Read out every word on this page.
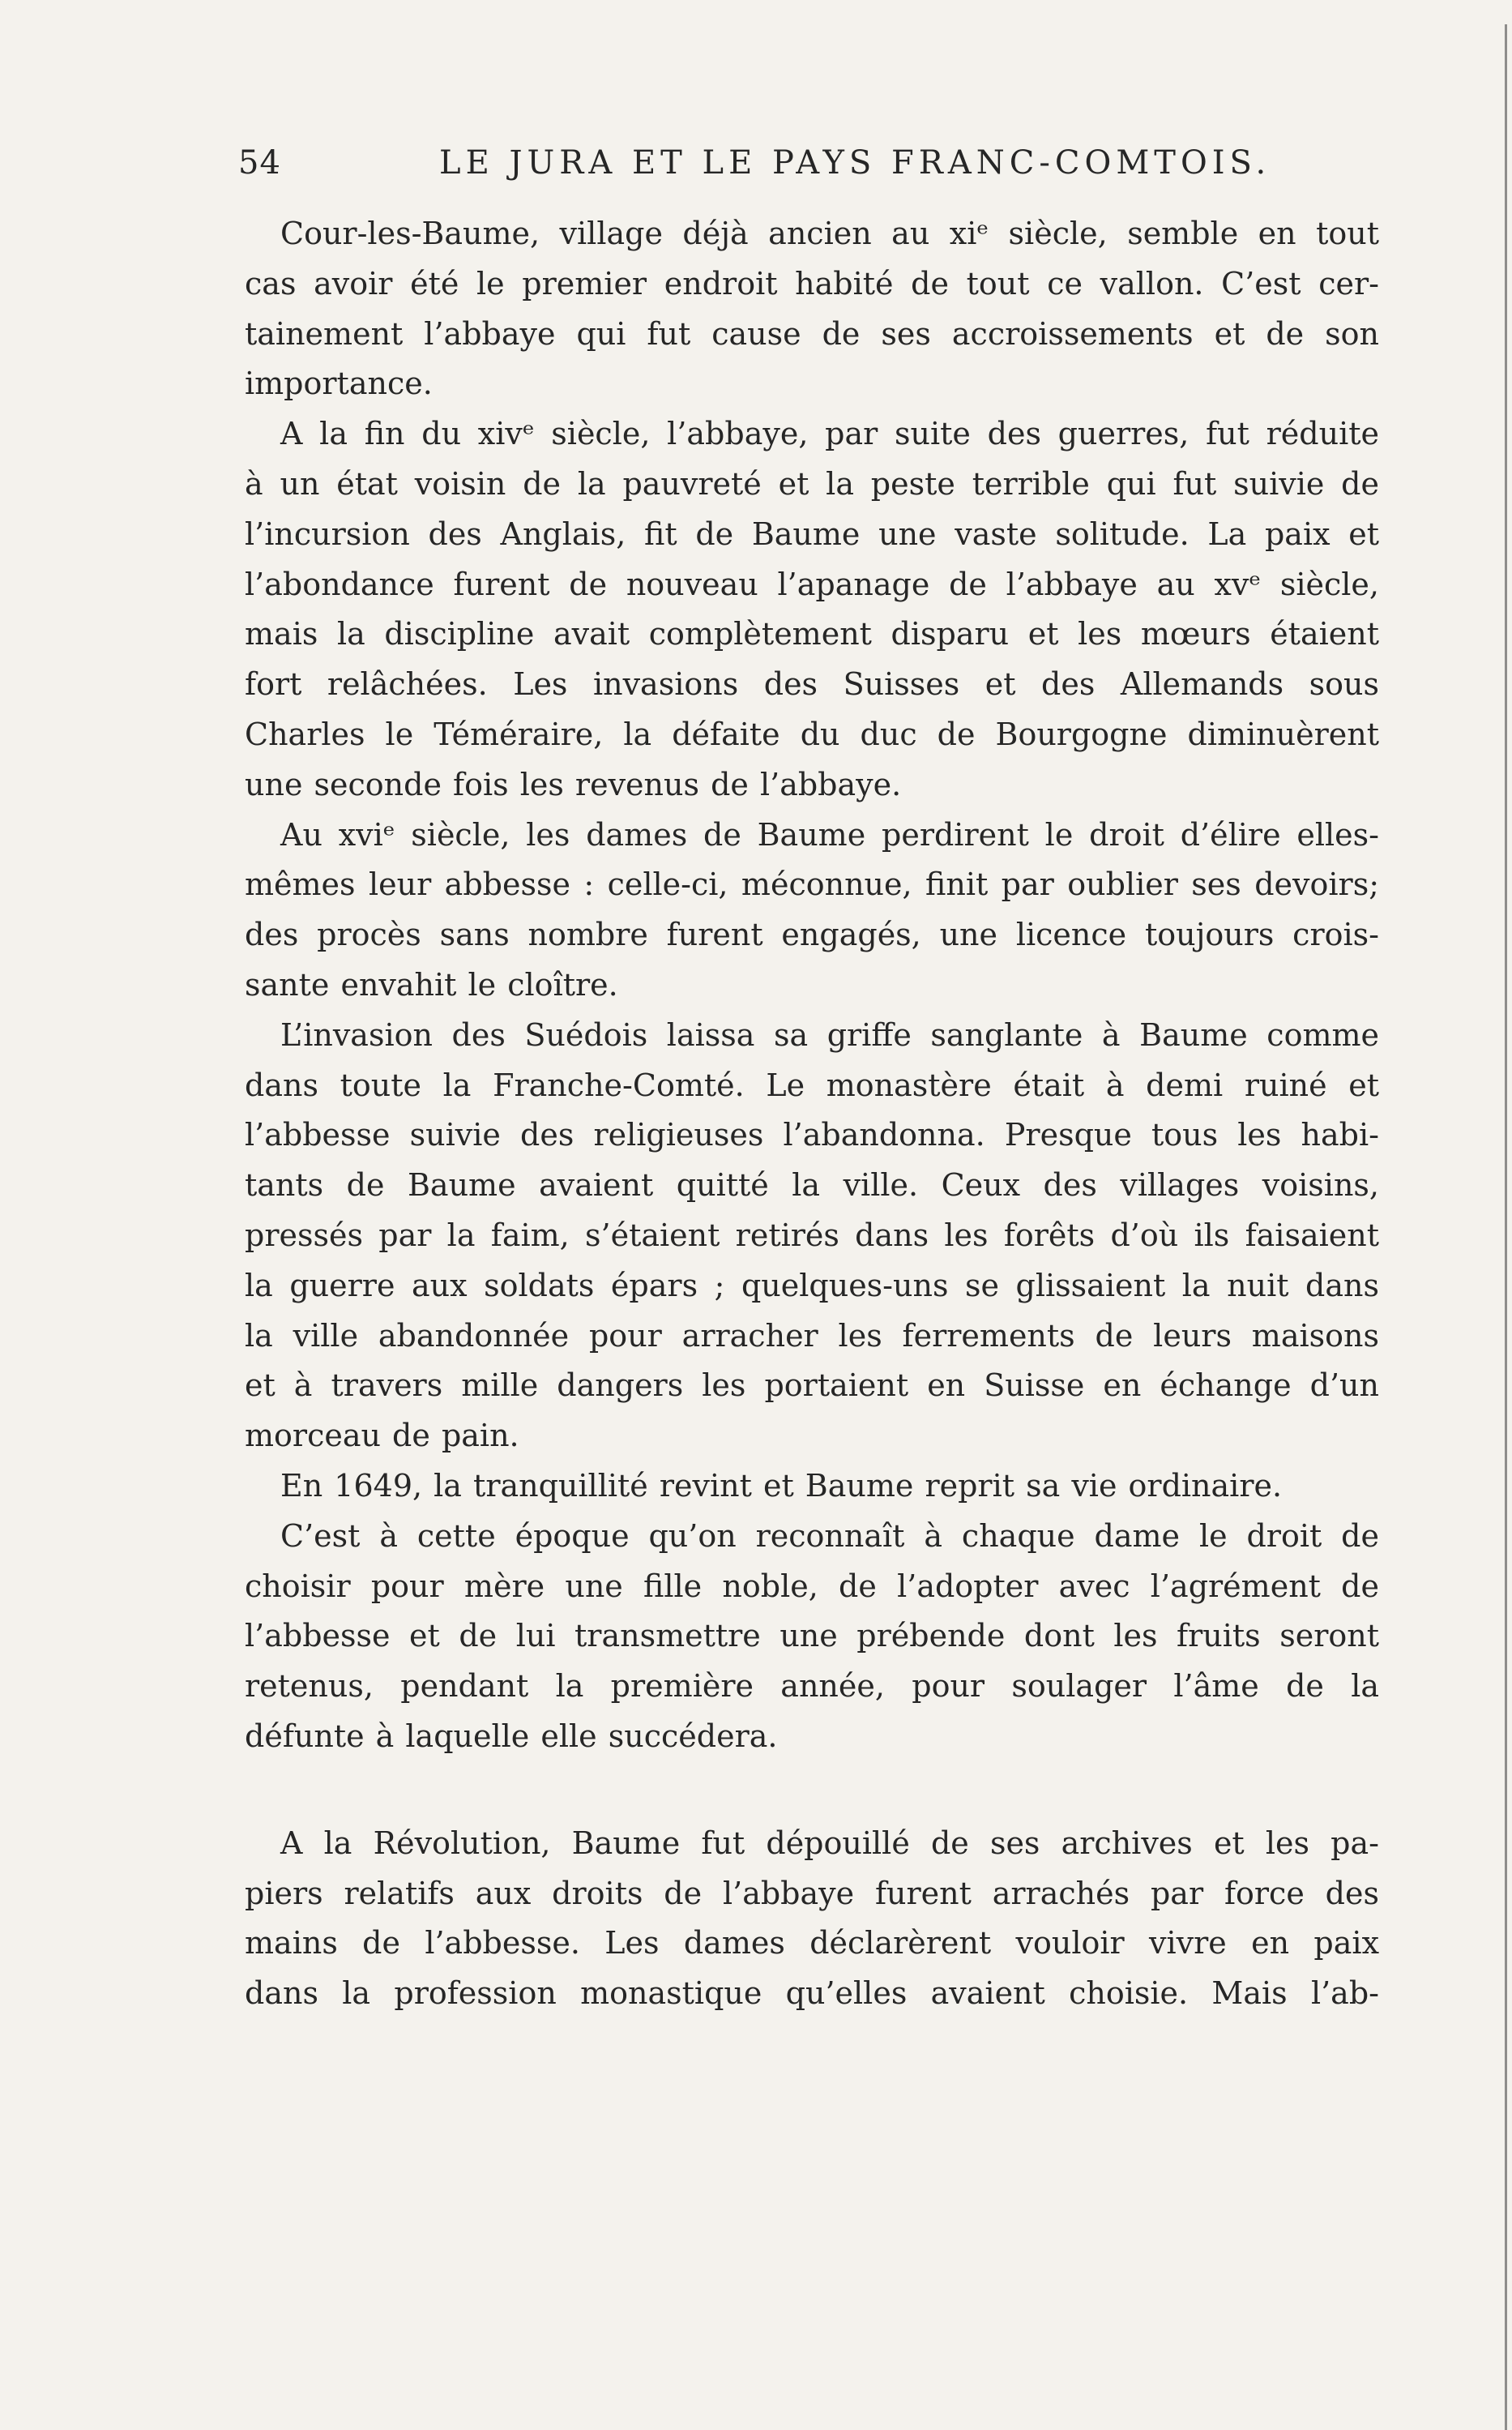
54	LE JURA ET LE PAYS FRANC-COMTOIS.
Cour-les-Baume, village déjà ancien au xiᵉ siècle, semble en tout
cas avoir été le premier endroit habité de tout ce vallon. C’est cer-
tainement l’abbaye qui fut cause de ses accroissements et de son
importance.
A la fin du xivᵉ siècle, l’abbaye, par suite des guerres, fut réduite
à un état voisin de la pauvreté et la peste terrible qui fut suivie de
l’incursion des Anglais, fit de Baume une vaste solitude. La paix et
l’abondance furent de nouveau l’apanage de l’abbaye au xvᵉ siècle,
mais la discipline avait complètement disparu et les mœurs étaient
fort relâchées. Les invasions des Suisses et des Allemands sous
Charles le Téméraire, la défaite du duc de Bourgogne diminuèrent
une seconde fois les revenus de l’abbaye.
Au xviᵉ siècle, les dames de Baume perdirent le droit d’élire elles-
mêmes leur abbesse : celle-ci, méconnue, finit par oublier ses devoirs;
des procès sans nombre furent engagés, une licence toujours crois-
sante envahit le cloître.
L’invasion des Suédois laissa sa griffe sanglante à Baume comme
dans toute la Franche-Comté. Le monastère était à demi ruiné et
l’abbesse suivie des religieuses l’abandonna. Presque tous les habi-
tants de Baume avaient quitté la ville. Ceux des villages voisins,
pressés par la faim, s’étaient retirés dans les forêts d’où ils faisaient
la guerre aux soldats épars ; quelques-uns se glissaient la nuit dans
la ville abandonnée pour arracher les ferrements de leurs maisons
et à travers mille dangers les portaient en Suisse en échange d’un
morceau de pain.
En 1649, la tranquillité revint et Baume reprit sa vie ordinaire.
C’est à cette époque qu’on reconnaît à chaque dame le droit de
choisir pour mère une fille noble, de l’adopter avec l’agrément de
l’abbesse et de lui transmettre une prébende dont les fruits seront
retenus, pendant la première année, pour soulager l’âme de la
défunte à laquelle elle succédera.
A la Révolution, Baume fut dépouillé de ses archives et les pa-
piers relatifs aux droits de l’abbaye furent arrachés par force des
mains de l’abbesse. Les dames déclarèrent vouloir vivre en paix
dans la profession monastique qu’elles avaient choisie. Mais l’ab-
